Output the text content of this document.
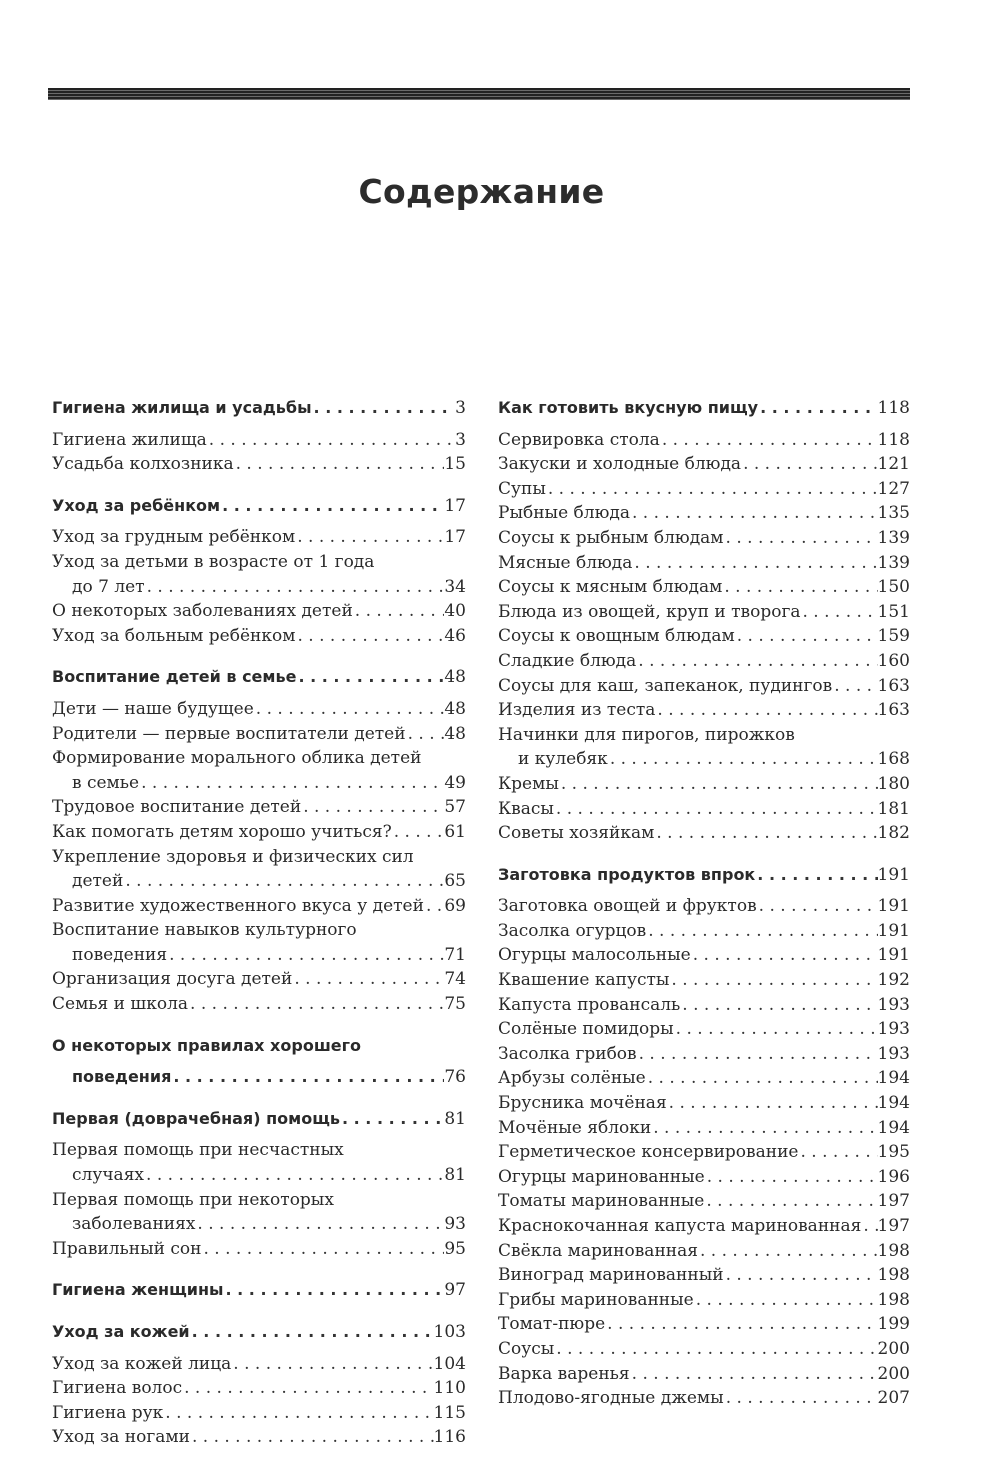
Содержание
Гигиена жилища и усадьбы . . .	3
Гигиена жилища . . .	3
Усадьба колхозника . . .	15
Уход за ребёнком . . .	17
Уход за грудным ребёнком . . .	17
Уход за детьми в возрасте от 1 года
до 7 лет . . .	34
О некоторых заболеваниях детей . . .	40
Уход за больным ребёнком . . .	46
Воспитание детей в семье . . .	48
Дети — наше будущее . . .	48
Родители — первые воспитатели детей . . . 48
Формирование морального облика детей
в семье . . .	49
Трудовое воспитание детей . . .	57
Как помогать детям хорошо учиться? . . .	61
Укрепление здоровья и физических сил
детей . . .	65
Развитие художественного вкуса у детей . . . 69
Воспитание навыков культурного
поведения . . .	71
Организация досуга детей . . .	74
Семья и школа . . .	75
О некоторых правилах хорошего
поведения . . .	76
Первая (доврачебная) помощь . . .	81
Первая помощь при несчастных
случаях . . .	81
Первая помощь при некоторых
заболеваниях . . .	93
Правильный сон . . .	95
Гигиена женщины . . .	97
Уход за кожей . . .	103
Уход за кожей лица . . .	104
Гигиена волос . . .	110
Гигиена рук . . .	115
Уход за ногами . . .	116
Как готовить вкусную пищу . . .	118
Сервировка стола . . .	118
Закуски и холодные блюда . . .	121
Супы . . .	127
Рыбные блюда . . .	135
Соусы к рыбным блюдам . . .	139
Мясные блюда . . .	139
Соусы к мясным блюдам . . .	150
Блюда из овощей, круп и творога . . .	151
Соусы к овощным блюдам . . .	159
Сладкие блюда . . .	160
Соусы для каш, запеканок, пудингов . . .	163
Изделия из теста . . .	163
Начинки для пирогов, пирожков
и кулебяк . . .	168
Кремы . . .	180
Квасы . . .	181
Советы хозяйкам . . .	182
Заготовка продуктов впрок . . .	191
Заготовка овощей и фруктов . . .	191
Засолка огурцов . . .	191
Огурцы малосольные . . .	191
Квашение капусты . . .	192
Капуста провансаль . . .	193
Солёные помидоры . . .	193
Засолка грибов . . .	193
Арбузы солёные . . .	194
Брусника мочёная . . .	194
Мочёные яблоки . . .	194
Герметическое консервирование . . .	195
Огурцы маринованные . . .	196
Томаты маринованные . . .	197
Краснокочанная капуста маринованная . . . 197
Свёкла маринованная . . .	198
Виноград маринованный . . .	198
Грибы маринованные . . .	198
Томат-пюре . . .	199
Соусы . . .	200
Варка варенья . . .	200
Плодово-ягодные джемы . . .	207
